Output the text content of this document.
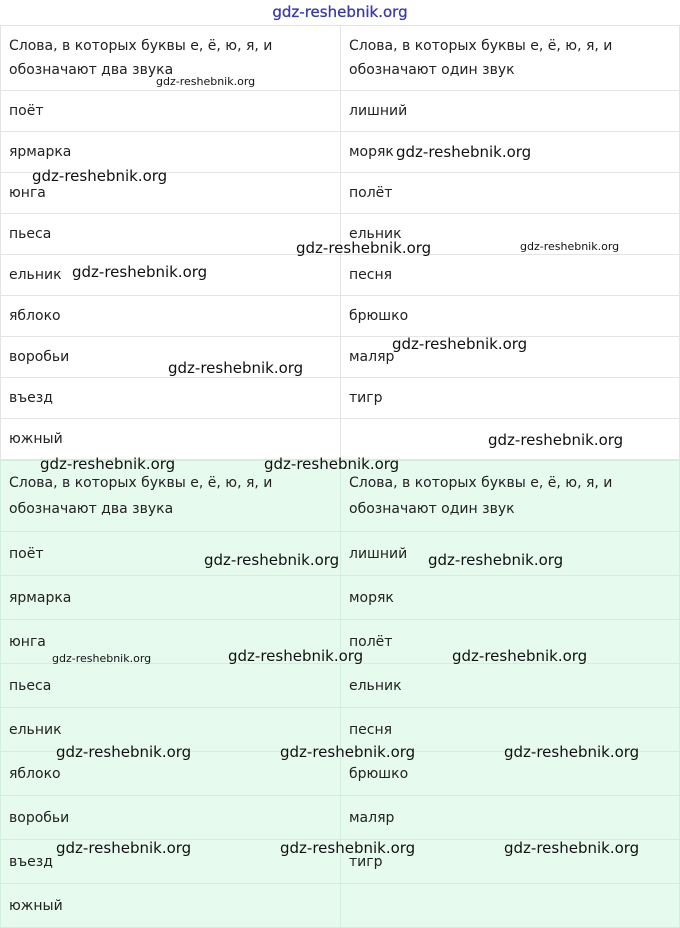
gdz-reshebnik.org
Слова, в которых буквы е, ё, ю, я, и обозначают два звука	Слова, в которых буквы е, ё, ю, я, и обозначают один звук
поёт	лишний
ярмарка	моряк
юнга	полёт
пьеса	ельник
ельник	песня
яблоко	брюшко
воробьи	маляр
въезд	тигр
южный	
Слова, в которых буквы е, ё, ю, я, и обозначают два звука	Слова, в которых буквы е, ё, ю, я, и обозначают один звук
поёт	лишний
ярмарка	моряк
юнга	полёт
пьеса	ельник
ельник	песня
яблоко	брюшко
воробьи	маляр
въезд	тигр
южный	
gdz-reshebnik.org
gdz-reshebnik.org
gdz-reshebnik.org
gdz-reshebnik.org	gdz-reshebnik.org
gdz-reshebnik.org
gdz-reshebnik.org
gdz-reshebnik.org
gdz-reshebnik.org
gdz-reshebnik.org	gdz-reshebnik.org
gdz-reshebnik.org	gdz-reshebnik.org
gdz-reshebnik.org	gdz-reshebnik.org	gdz-reshebnik.org
gdz-reshebnik.org	gdz-reshebnik.org	gdz-reshebnik.org
gdz-reshebnik.org	gdz-reshebnik.org	gdz-reshebnik.org
